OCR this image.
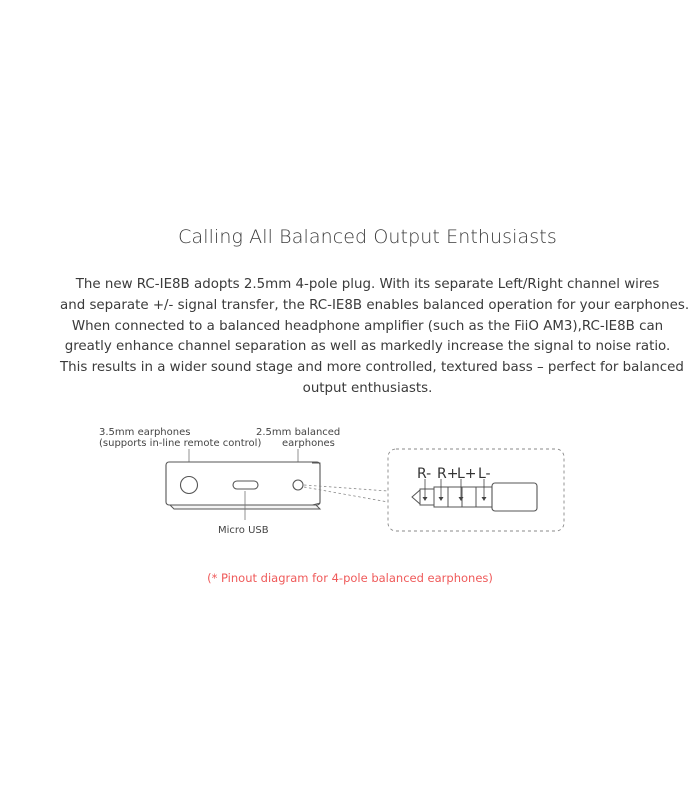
Calling All Balanced Output Enthusiasts
The new RC-IE8B adopts 2.5mm 4-pole plug. With its separate Left/Right channel wires
and separate +/- signal transfer, the RC-IE8B enables balanced operation for your earphones.
When connected to a balanced headphone amplifier (such as the FiiO AM3),RC-IE8B can
greatly enhance channel separation as well as markedly increase the signal to noise ratio.
This results in a wider sound stage and more controlled, textured bass – perfect for balanced
output enthusiasts.
3.5mm earphones
(supports in-line remote control)
2.5mm balanced
earphones
Micro USB
R- R+
L+ L-
(* Pinout diagram for 4-pole balanced earphones)
